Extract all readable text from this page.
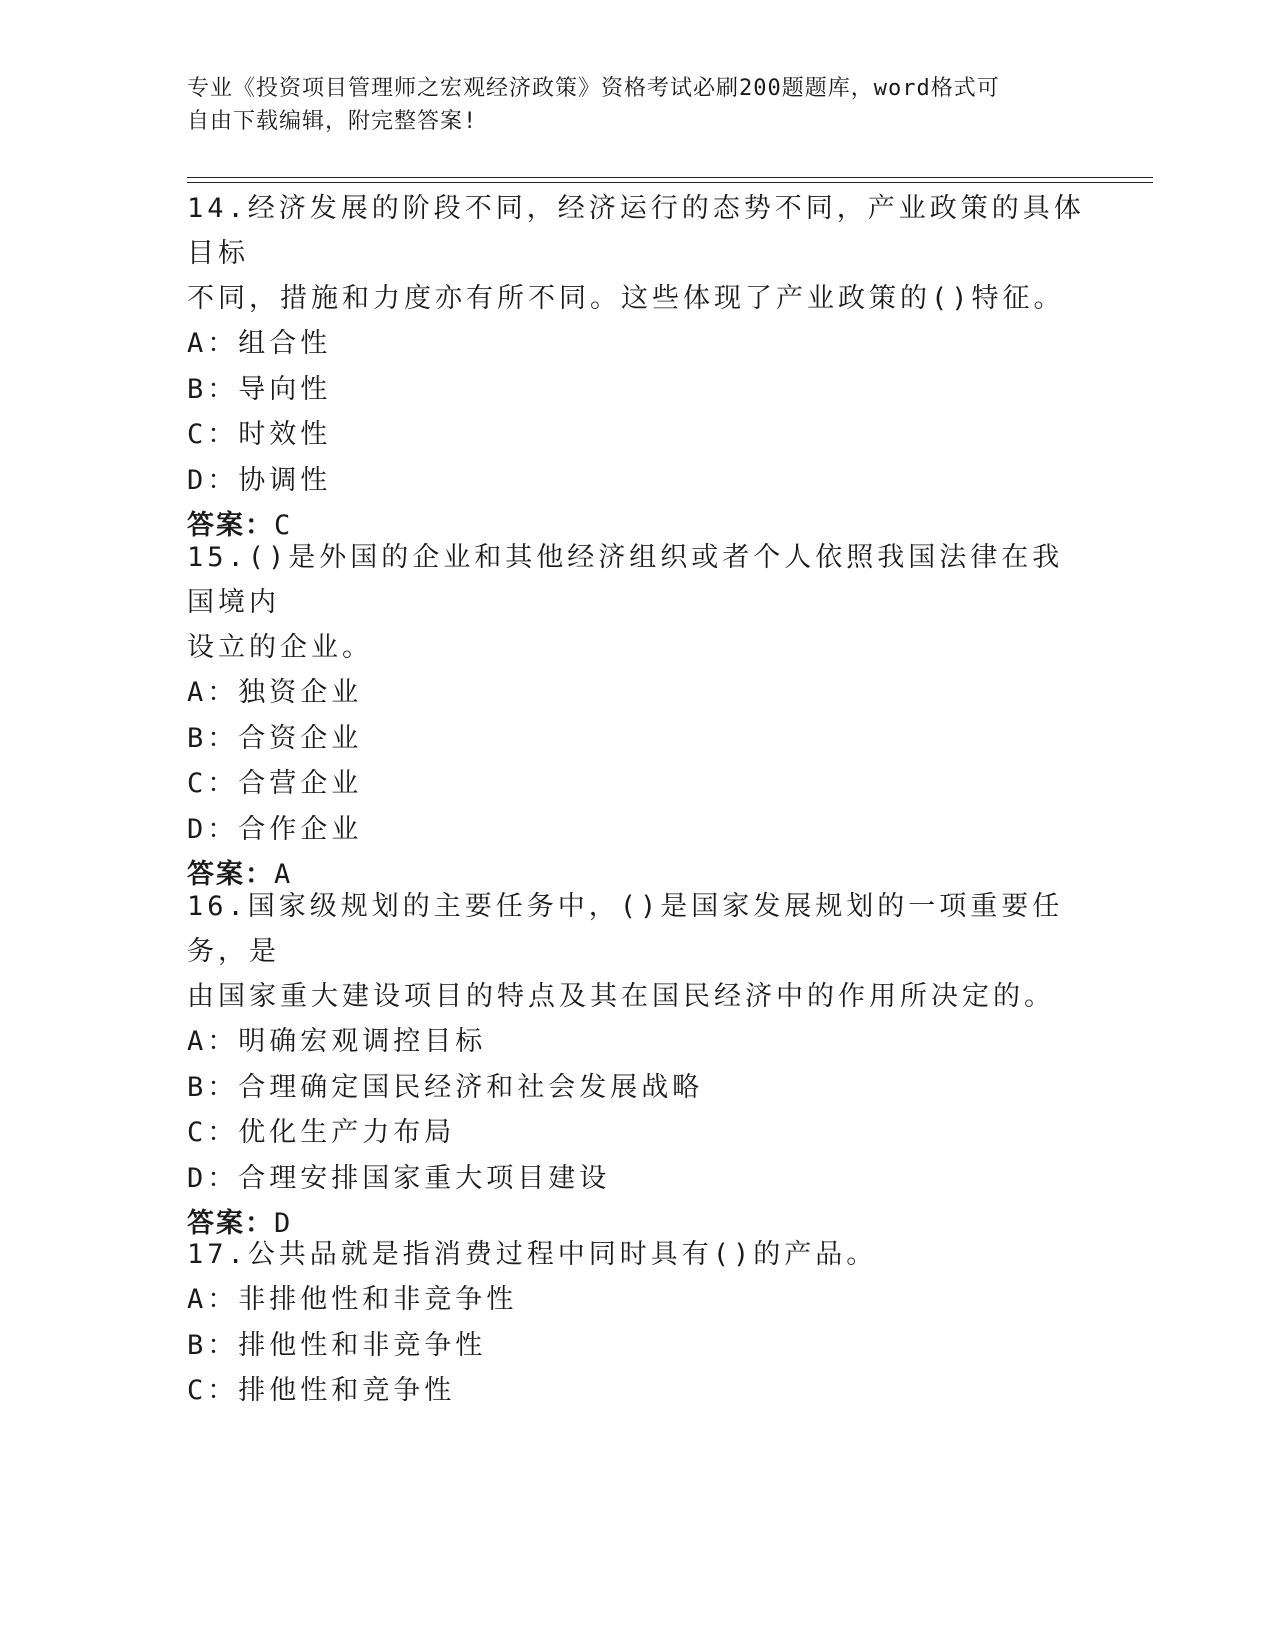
专业《投资项目管理师之宏观经济政策》资格考试必刷200题题库，word格式可
自由下载编辑，附完整答案!

14.经济发展的阶段不同，经济运行的态势不同，产业政策的具体目标

不同，措施和力度亦有所不同。这些体现了产业政策的()特征。

A：组合性

B：导向性

C：时效性

D：协调性

答案：C

15.()是外国的企业和其他经济组织或者个人依照我国法律在我国境内

设立的企业。

A：独资企业

B：合资企业

C：合营企业

D：合作企业

答案：A

16.国家级规划的主要任务中，()是国家发展规划的一项重要任务，是

由国家重大建设项目的特点及其在国民经济中的作用所决定的。

A：明确宏观调控目标

B：合理确定国民经济和社会发展战略

C：优化生产力布局

D：合理安排国家重大项目建设

答案：D

17.公共品就是指消费过程中同时具有()的产品。

A：非排他性和非竞争性

B：排他性和非竞争性

C：排他性和竞争性
